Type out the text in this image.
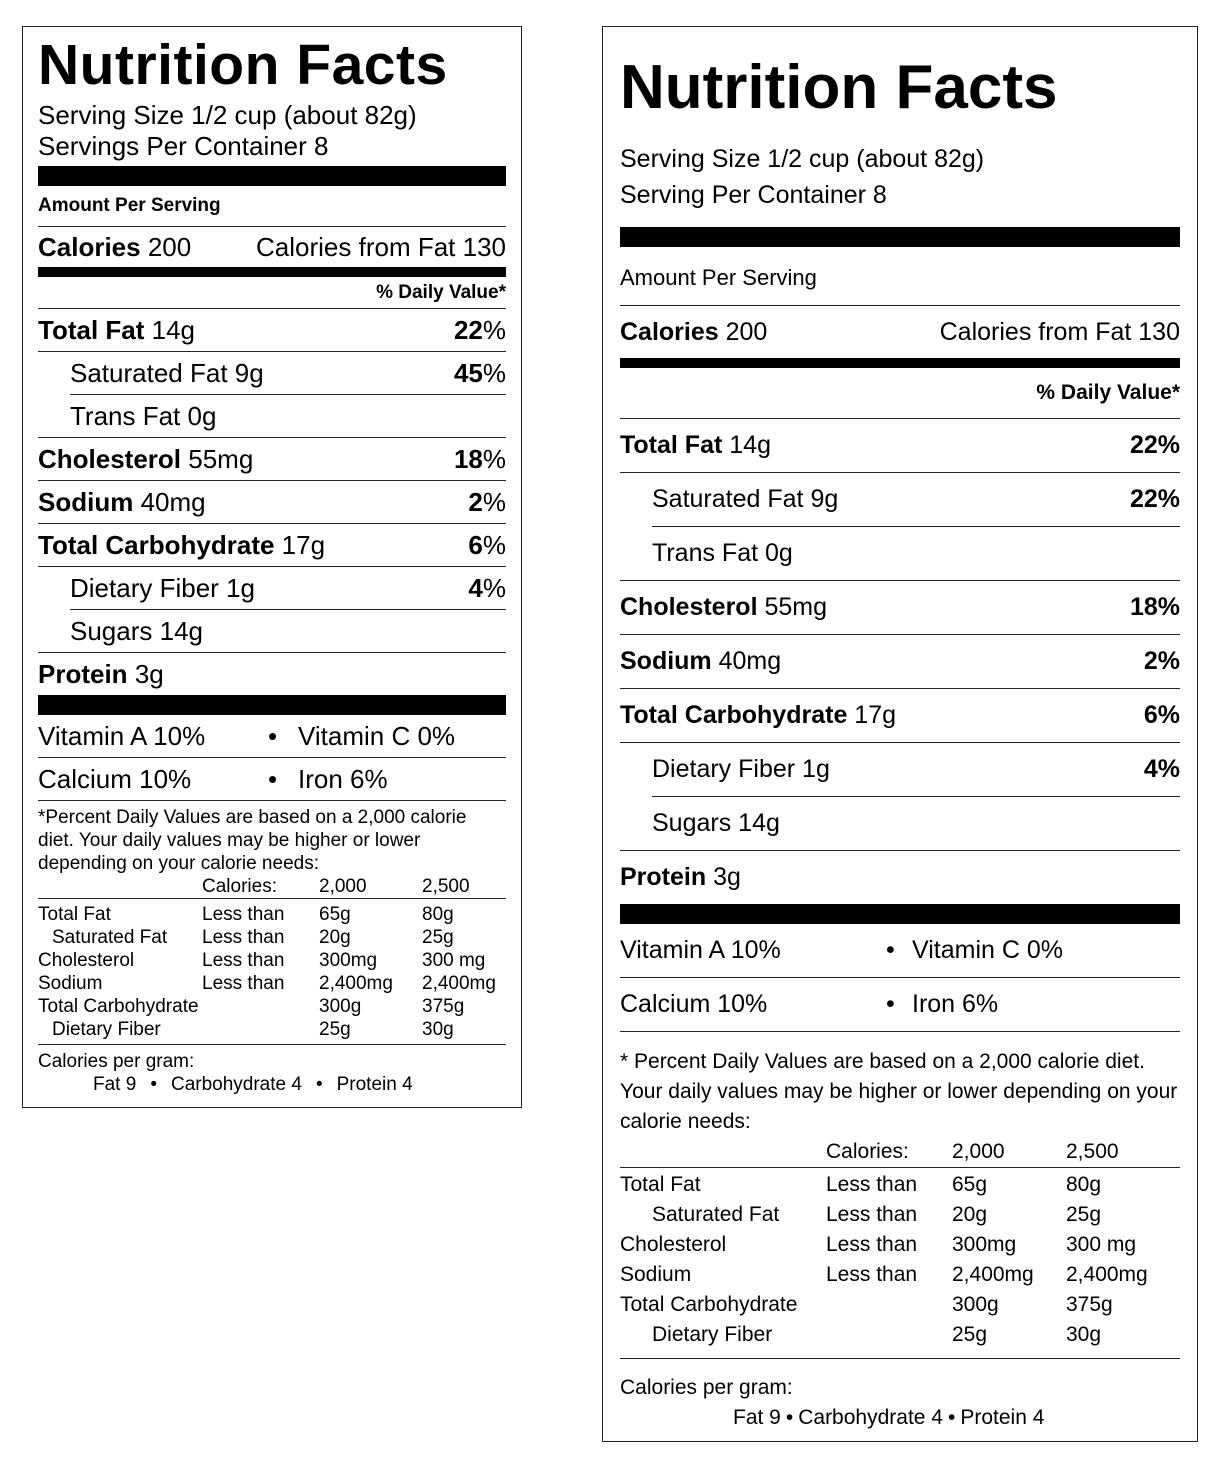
Nutrition Facts
Serving Size 1/2 cup (about 82g)
Servings Per Container 8
Amount Per Serving
Calories 200 Calories from Fat 130
% Daily Value*
Total Fat 14g	22%
Saturated Fat 9g	45%
Trans Fat 0g
Cholesterol 55mg	18%
Sodium 40mg	2%
Total Carbohydrate 17g	6%
Dietary Fiber 1g	4%
Sugars 14g
Protein 3g
Vitamin A 10%	• Vitamin C 0%
Calcium 10%	• Iron 6%
*Percent Daily Values are based on a 2,000 calorie diet. Your daily values may be higher or lower depending on your calorie needs:
	Calories:	2,000	2,500
Total Fat	Less than	65g	80g
Saturated Fat	Less than	20g	25g
Cholesterol	Less than	300mg	300 mg
Sodium	Less than	2,400mg	2,400mg
Total Carbohydrate		300g	375g
Dietary Fiber		25g	30g
Calories per gram:
Fat 9 • Carbohydrate 4 • Protein 4
Nutrition Facts
Serving Size 1/2 cup (about 82g)
Serving Per Container 8
Amount Per Serving
Calories 200	Calories from Fat 130
% Daily Value*
Total Fat 14g	22%
Saturated Fat 9g	22%
Trans Fat 0g
Cholesterol 55mg	18%
Sodium 40mg	2%
Total Carbohydrate 17g	6%
Dietary Fiber 1g	4%
Sugars 14g
Protein 3g
Vitamin A 10%	• Vitamin C 0%
Calcium 10%	• Iron 6%
* Percent Daily Values are based on a 2,000 calorie diet. Your daily values may be higher or lower depending on your calorie needs:
	Calories:	2,000	2,500
Total Fat	Less than	65g	80g
Saturated Fat	Less than	20g	25g
Cholesterol	Less than	300mg	300 mg
Sodium	Less than	2,400mg	2,400mg
Total Carbohydrate		300g	375g
Dietary Fiber		25g	30g
Calories per gram:
Fat 9 • Carbohydrate 4 • Protein 4
